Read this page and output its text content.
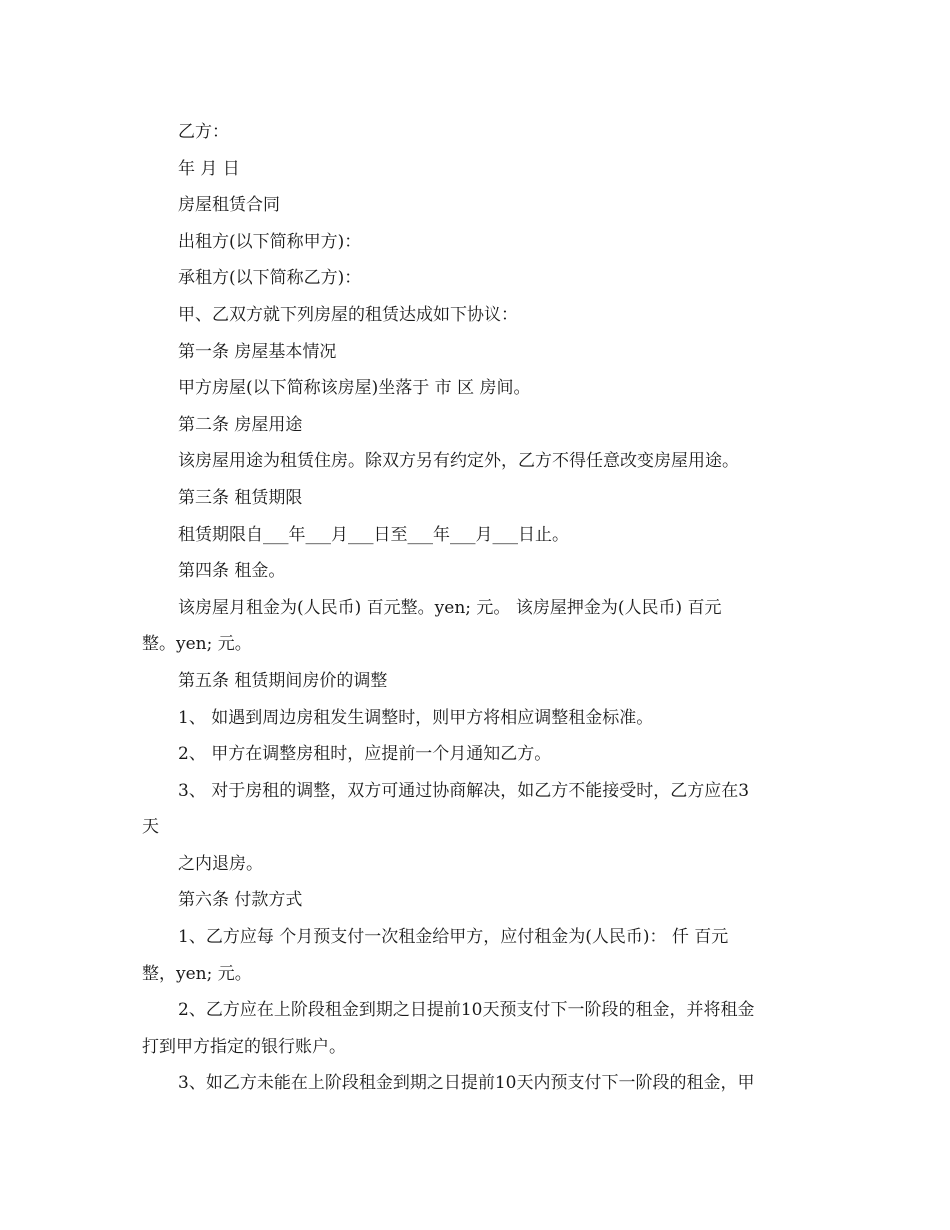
乙方：
年 月 日
房屋租赁合同
出租方(以下简称甲方)：
承租方(以下简称乙方)：
甲、乙双方就下列房屋的租赁达成如下协议：
第一条 房屋基本情况
甲方房屋(以下简称该房屋)坐落于 市 区 房间。
第二条 房屋用途
该房屋用途为租赁住房。除双方另有约定外，乙方不得任意改变房屋用途。
第三条 租赁期限
租赁期限自___年___月___日至___年___月___日止。
第四条 租金。
该房屋月租金为(人民币) 百元整。yen; 元。 该房屋押金为(人民币) 百元
整。yen; 元。
第五条 租赁期间房价的调整
1、 如遇到周边房租发生调整时，则甲方将相应调整租金标准。
2、 甲方在调整房租时，应提前一个月通知乙方。
3、 对于房租的调整，双方可通过协商解决，如乙方不能接受时，乙方应在3
天
之内退房。
第六条 付款方式
1、乙方应每 个月预支付一次租金给甲方，应付租金为(人民币)： 仟 百元
整，yen; 元。
2、乙方应在上阶段租金到期之日提前10天预支付下一阶段的租金，并将租金
打到甲方指定的银行账户。
3、如乙方未能在上阶段租金到期之日提前10天内预支付下一阶段的租金，甲
